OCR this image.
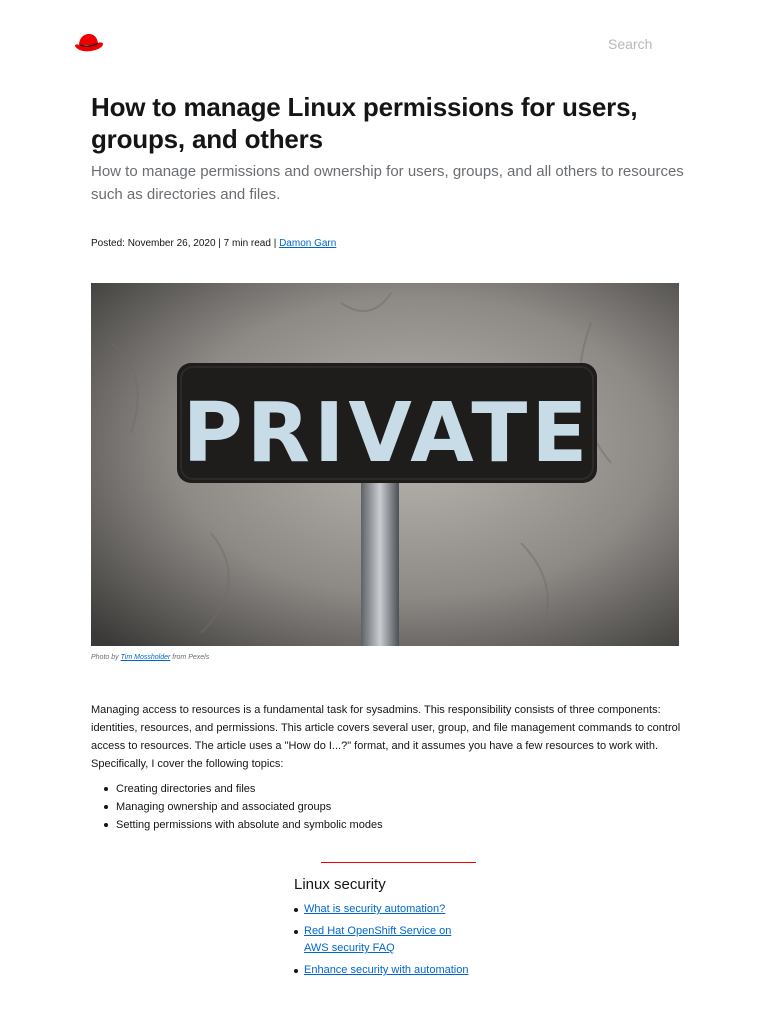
Search
How to manage Linux permissions for users, groups, and others

How to manage permissions and ownership for users, groups, and all others to resources such as directories and files.

Posted: November 26, 2020 | 7 min read | Damon Garn
PRIVATE
Photo by Tim Mossholder from Pexels

Managing access to resources is a fundamental task for sysadmins. This responsibility consists of three components: identities, resources, and permissions. This article covers several user, group, and file management commands to control access to resources. The article uses a "How do I...?" format, and it assumes you have a few resources to work with. Specifically, I cover the following topics:

Creating directories and files
Managing ownership and associated groups
Setting permissions with absolute and symbolic modes
Linux security
What is security automation?
Red Hat OpenShift Service on AWS security FAQ
Enhance security with automation
